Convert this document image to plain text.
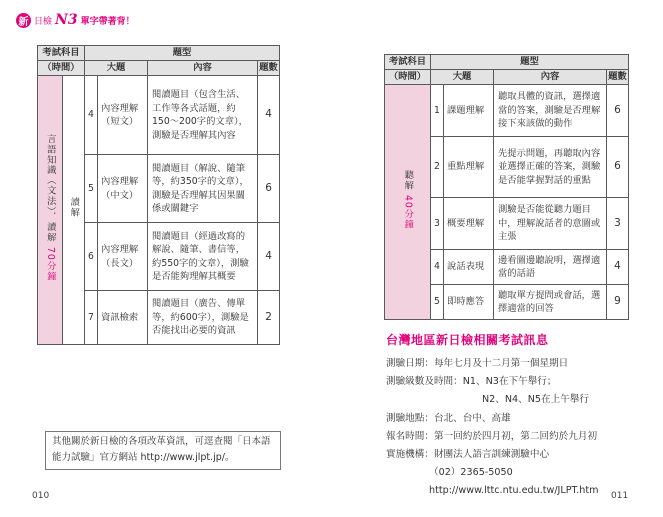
新 日檢 N3 單字帶著背！
考試科目		題型			
（時間）		大題		內容	題數
言語知識（文法）．讀解
70分鐘	讀解	4	內容理解（短文）	閱讀題目（包含生活、工作等各式話題，約150～200字的文章），測驗是否理解其內容	4
		5	內容理解（中文）	閱讀題目（解說、隨筆等，約350字的文章），測驗是否理解其因果關係或關鍵字	6
		6	內容理解（長文）	閱讀題目（經過改寫的解說、隨筆、書信等，約550字的文章），測驗是否能夠理解其概要	4
		7	資訊檢索	閱讀題目（廣告、傳單等，約600字），測驗是否能找出必要的資訊	2
考試科目	題型			
（時間）	大題		內容	題數
聽解
40分鐘	1	課題理解	聽取具體的資訊，選擇適當的答案，測驗是否理解接下來該做的動作	6
	2	重點理解	先提示問題，再聽取內容並選擇正確的答案，測驗是否能掌握對話的重點	6
	3	概要理解	測驗是否能從聽力題目中，理解說話者的意圖或主張	3
	4	說話表現	邊看圖邊聽說明，選擇適當的話語	4
	5	即時應答	聽取單方提問或會話，選擇適當的回答	9
其他關於新日檢的各項改革資訊，可逕查閱「日本語能力試驗」官方網站 http://www.jlpt.jp/。
台灣地區新日檢相關考試訊息
測驗日期：每年七月及十二月第一個星期日
測驗級數及時間：N1、N3在下午舉行；
N2、N4、N5在上午舉行
測驗地點：台北、台中、高雄
報名時間：第一回約於四月初，第二回約於九月初
實施機構：財團法人語言訓練測驗中心
（02）2365-5050
http://www.lttc.ntu.edu.tw/JLPT.htm
010	011
